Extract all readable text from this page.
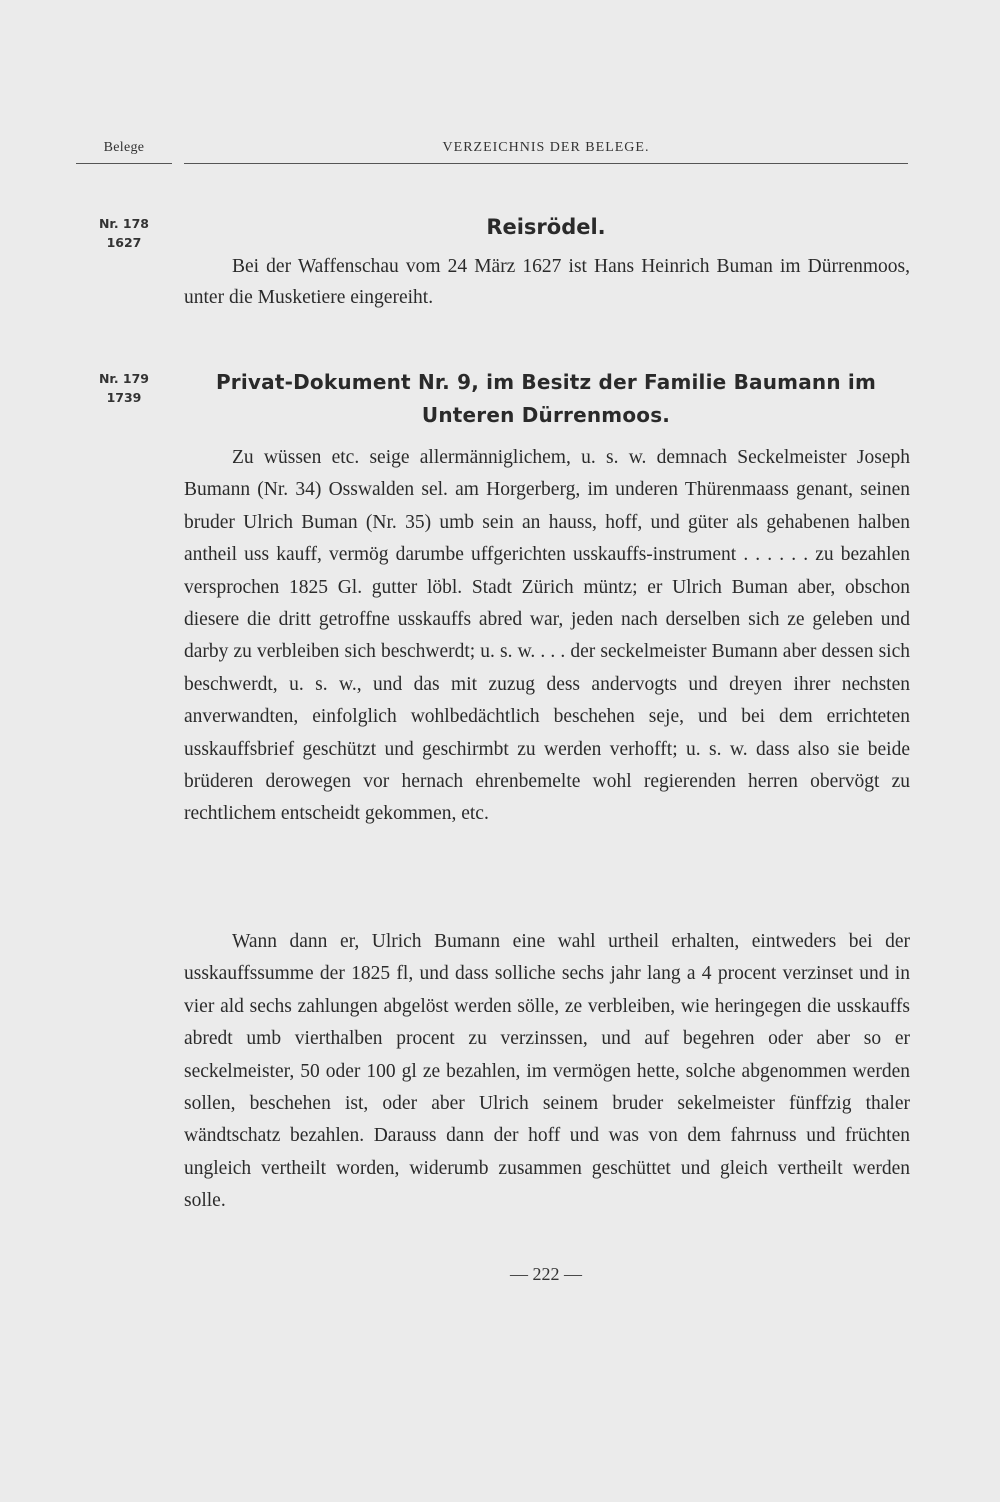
Belege	VERZEICHNIS DER BELEGE.
Nr. 178
1627
Reisrödel.

Bei der Waffenschau vom 24 März 1627 ist Hans Heinrich Buman im Dürrenmoos, unter die Musketiere eingereiht.

Nr. 179
1739
Privat-Dokument Nr. 9, im Besitz der Familie Baumann im Unteren Dürrenmoos.

Zu wüssen etc. seige allermänniglichem, u. s. w. demnach Seckelmeister Joseph Bumann (Nr. 34) Osswalden sel. am Horgerberg, im underen Thürenmaass genant, seinen bruder Ulrich Buman (Nr. 35) umb sein an hauss, hoff, und güter als gehabenen halben antheil uss kauff, vermög darumbe uffgerichten usskauffs-instrument . . . . . . zu bezahlen versprochen 1825 Gl. gutter löbl. Stadt Zürich müntz; er Ulrich Buman aber, obschon diesere die dritt getroffne usskauffs abred war, jeden nach derselben sich ze geleben und darby zu verbleiben sich beschwerdt; u. s. w. . . . der seckelmeister Bumann aber dessen sich beschwerdt, u. s. w., und das mit zuzug dess andervogts und dreyen ihrer nechsten anverwandten, einfolglich wohlbedächtlich beschehen seje, und bei dem errichteten usskauffsbrief geschützt und geschirmbt zu werden verhofft; u. s. w. dass also sie beide brüderen derowegen vor hernach ehrenbemelte wohl regierenden herren obervögt zu rechtlichem entscheidt gekommen, etc.

Wann dann er, Ulrich Bumann eine wahl urtheil erhalten, eintweders bei der usskauffssumme der 1825 fl, und dass solliche sechs jahr lang a 4 procent verzinset und in vier ald sechs zahlungen abgelöst werden sölle, ze verbleiben, wie heringegen die usskauffs abredt umb vierthalben procent zu verzinssen, und auf begehren oder aber so er seckelmeister, 50 oder 100 gl ze bezahlen, im vermögen hette, solche abgenommen werden sollen, beschehen ist, oder aber Ulrich seinem bruder sekelmeister fünffzig thaler wändtschatz bezahlen. Darauss dann der hoff und was von dem fahrnuss und früchten ungleich vertheilt worden, widerumb zusammen geschüttet und gleich vertheilt werden solle.

— 222 —
